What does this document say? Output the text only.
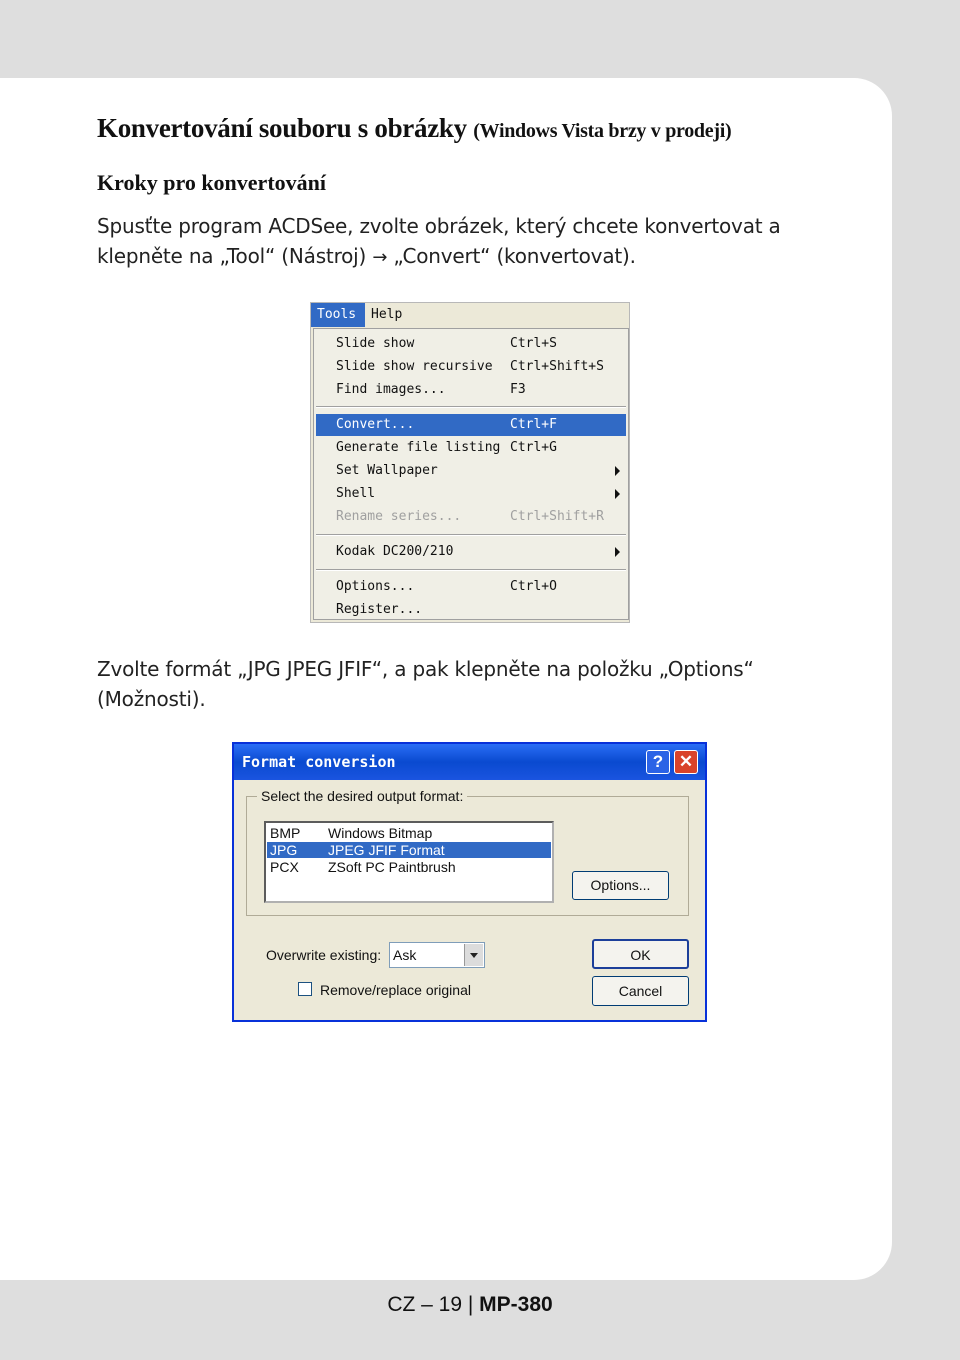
Konvertování souboru s obrázky (Windows Vista brzy v prodeji)
Kroky pro konvertování
Spusťte program ACDSee, zvolte obrázek, který chcete konvertovat a
klepněte na „Tool“ (Nástroj) → „Convert“ (konvertovat).
Tools	Help
Slide show	Ctrl+S
Slide show recursive Ctrl+Shift+S
Find images...	F3
Convert...	Ctrl+F
Generate file listing Ctrl+G
Set Wallpaper
Shell
Rename series...	Ctrl+Shift+R
Kodak DC200/210
Options...	Ctrl+O
Register...
Zvolte formát „JPG JPEG JFIF“, a pak klepněte na položku „Options“
(Možnosti).
Format conversion	? ✕
Select the desired output format:
BMP Windows Bitmap
JPG JPEG JFIF Format
PCX ZSoft PC Paintbrush
Options...
Overwrite existing: Ask	OK
Cancel
Remove/replace original
CZ – 19 | MP-380
